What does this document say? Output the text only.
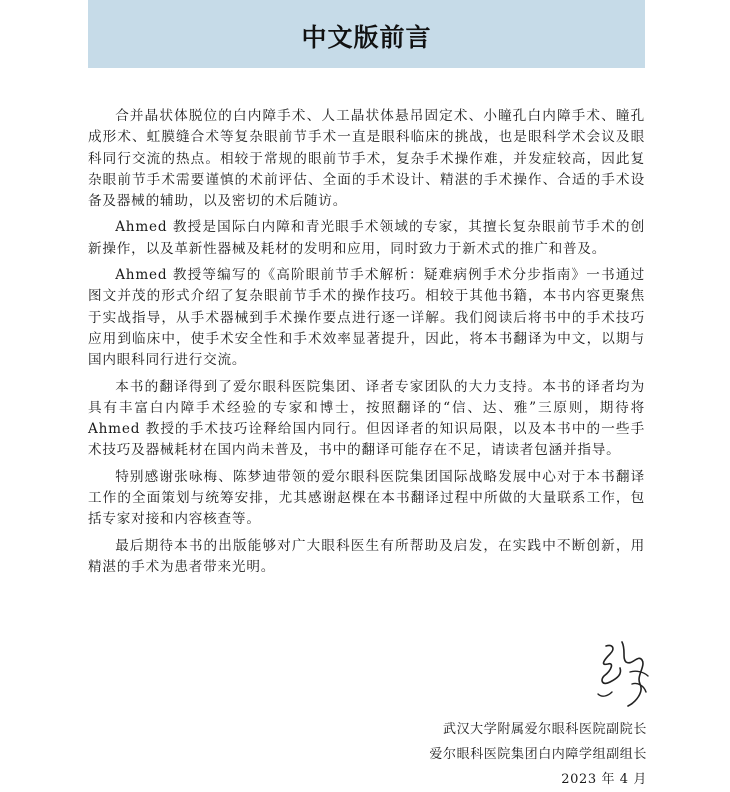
中文版前言

合并晶状体脱位的白内障手术、人工晶状体悬吊固定术、小瞳孔白内障手术、瞳孔成形术、虹膜缝合术等复杂眼前节手术一直是眼科临床的挑战，也是眼科学术会议及眼科同行交流的热点。相较于常规的眼前节手术，复杂手术操作难，并发症较高，因此复杂眼前节手术需要谨慎的术前评估、全面的手术设计、精湛的手术操作、合适的手术设备及器械的辅助，以及密切的术后随访。

Ahmed 教授是国际白内障和青光眼手术领域的专家，其擅长复杂眼前节手术的创新操作，以及革新性器械及耗材的发明和应用，同时致力于新术式的推广和普及。

Ahmed 教授等编写的《高阶眼前节手术解析：疑难病例手术分步指南》一书通过图文并茂的形式介绍了复杂眼前节手术的操作技巧。相较于其他书籍，本书内容更聚焦于实战指导，从手术器械到手术操作要点进行逐一详解。我们阅读后将书中的手术技巧应用到临床中，使手术安全性和手术效率显著提升，因此，将本书翻译为中文，以期与国内眼科同行进行交流。

本书的翻译得到了爱尔眼科医院集团、译者专家团队的大力支持。本书的译者均为具有丰富白内障手术经验的专家和博士，按照翻译的“信、达、雅”三原则，期待将 Ahmed 教授的手术技巧诠释给国内同行。但因译者的知识局限，以及本书中的一些手术技巧及器械耗材在国内尚未普及，书中的翻译可能存在不足，请读者包涵并指导。

特别感谢张咏梅、陈梦迪带领的爱尔眼科医院集团国际战略发展中心对于本书翻译工作的全面策划与统筹安排，尤其感谢赵棵在本书翻译过程中所做的大量联系工作，包括专家对接和内容核查等。

最后期待本书的出版能够对广大眼科医生有所帮助及启发，在实践中不断创新，用精湛的手术为患者带来光明。

武汉大学附属爱尔眼科医院副院长
爱尔眼科医院集团白内障学组副组长
2023 年 4 月
